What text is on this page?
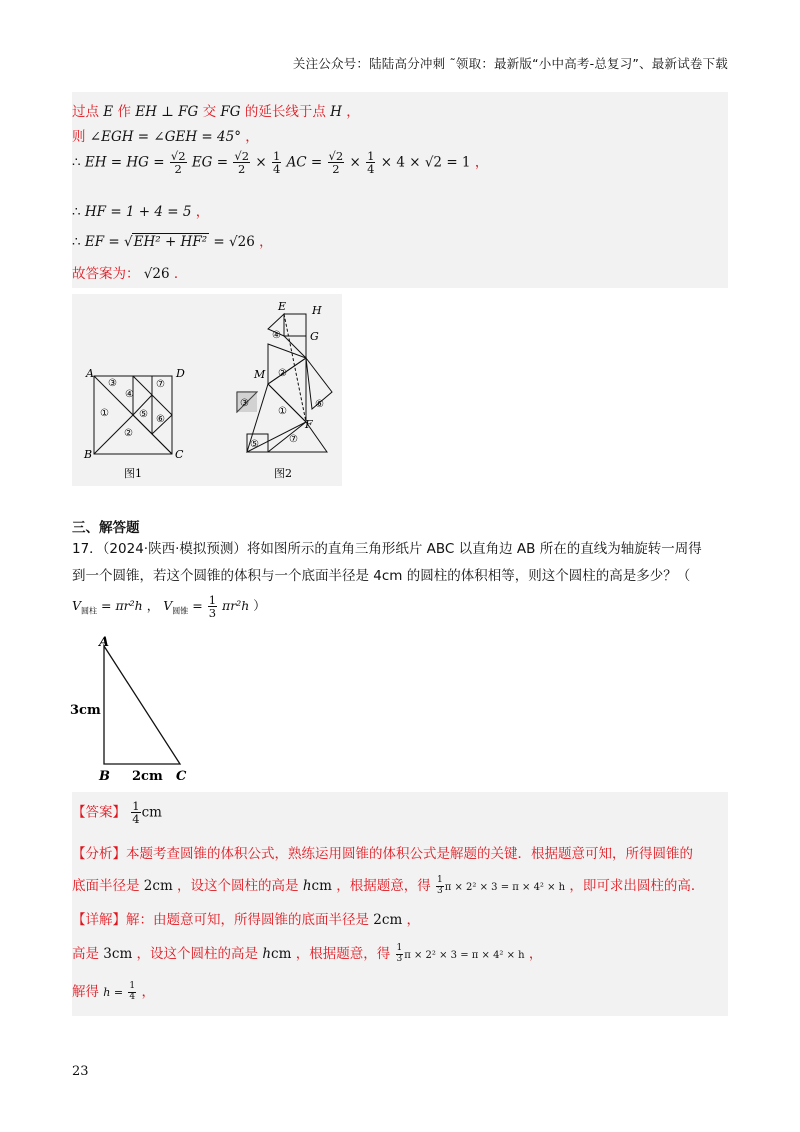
关注公众号：陆陆高分冲刺 ˜领取：最新版“小中高考-总复习”、最新试卷下载
过点 E 作 EH ⊥ FG 交 FG 的延长线于点 H ，
则 ∠EGH = ∠GEH = 45° ，
∴ EH = HG = $\frac{√2}{2}$ EG = $\frac{√2}{2} \times \frac{1}{4}$ AC = $\frac{√2}{2} \times \frac{1}{4} \times 4 \times √2 = 1$ ，
∴ HF = 1 + 4 = 5 ，
∴ EF = √EH² + HF² = √26 ，
故答案为： √26 ．
A	D
B	C
③	⑦
④
①	⑤ ⑥
②
图1
E H
G
M
F
④
②
①
③	⑥
⑤	⑦
图2
三、解答题
17．（2024·陕西·模拟预测）将如图所示的直角三角形纸片 ABC 以直角边 AB 所在的直线为轴旋转一周得
到一个圆锥，若这个圆锥的体积与一个底面半径是 4cm 的圆柱的体积相等，则这个圆柱的高是多少？（
$V_{圆柱} = \pi r^2h$ ， $V_{圆锥} = \frac{1}{3} \pi r^2h$ ）
A
B	C
3cm
2cm
【答案】 $\frac{1}{4}$ cm
【分析】本题考查圆锥的体积公式，熟练运用圆锥的体积公式是解题的关键．根据题意可知，所得圆锥的
底面半径是 2cm ，设这个圆柱的高是 hcm ，根据题意，得 $\frac{1}{3}$ π × 2² × 3 = π × 4² × h ，即可求出圆柱的高．
【详解】解：由题意可知，所得圆锥的底面半径是 2cm ，
高是 3cm ，设这个圆柱的高是 hcm ，根据题意，得 $\frac{1}{3}$ π × 2² × 3 = π × 4² × h ，
解得 $h = \frac{1}{4}$ ，
23
